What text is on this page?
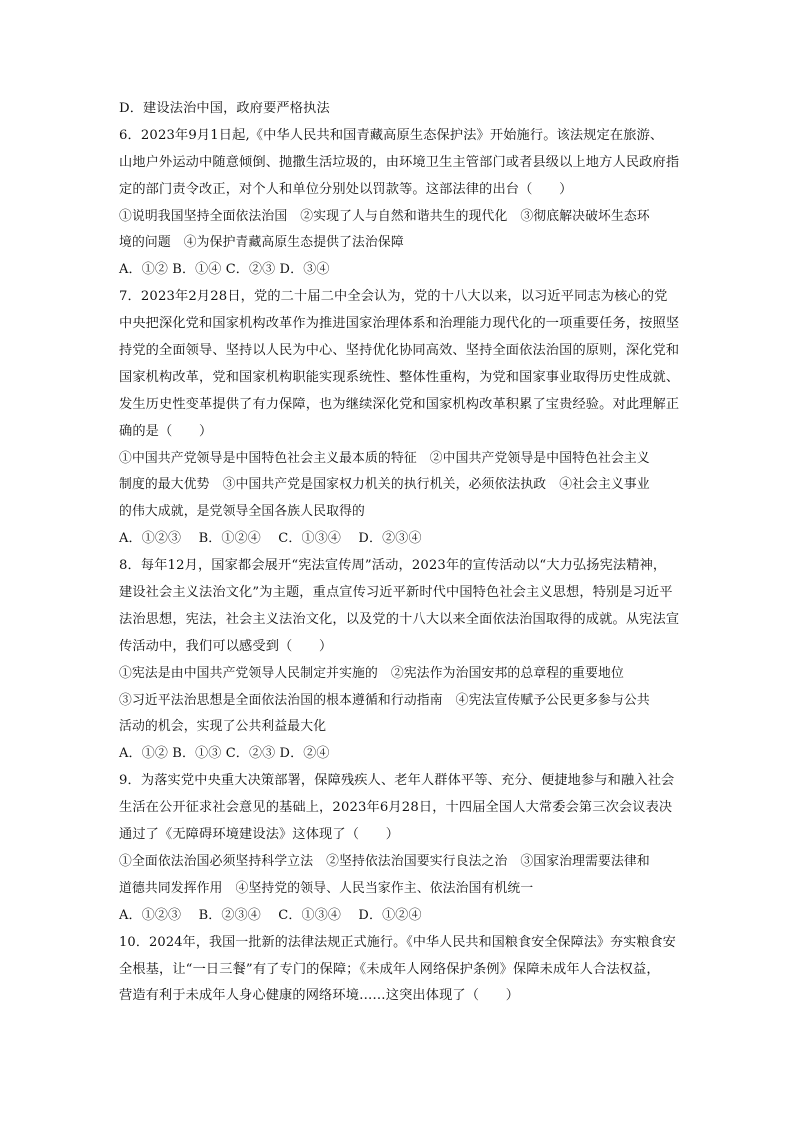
D．建设法治中国，政府要严格执法
6．2023年9月1日起,《中华人民共和国青藏高原生态保护法》开始施行。该法规定在旅游、
山地户外运动中随意倾倒、抛撒生活垃圾的，由环境卫生主管部门或者县级以上地方人民政府指
定的部门责令改正，对个人和单位分别处以罚款等。这部法律的出台（　　）
①说明我国坚持全面依法治国　②实现了人与自然和谐共生的现代化　③彻底解决破坏生态环
境的问题　④为保护青藏高原生态提供了法治保障
A．①② B．①④ C．②③ D．③④
7．2023年2月28日，党的二十届二中全会认为，党的十八大以来，以习近平同志为核心的党
中央把深化党和国家机构改革作为推进国家治理体系和治理能力现代化的一项重要任务，按照坚
持党的全面领导、坚持以人民为中心、坚持优化协同高效、坚持全面依法治国的原则，深化党和
国家机构改革，党和国家机构职能实现系统性、整体性重构，为党和国家事业取得历史性成就、
发生历史性变革提供了有力保障，也为继续深化党和国家机构改革积累了宝贵经验。对此理解正
确的是（　　）
①中国共产党领导是中国特色社会主义最本质的特征　②中国共产党领导是中国特色社会主义
制度的最大优势　③中国共产党是国家权力机关的执行机关，必须依法执政　④社会主义事业
的伟大成就，是党领导全国各族人民取得的
A．①②③　 B．①②④　 C．①③④　 D．②③④
8．每年12月，国家都会展开“宪法宣传周”活动，2023年的宣传活动以“大力弘扬宪法精神，
建设社会主义法治文化”为主题，重点宣传习近平新时代中国特色社会主义思想，特别是习近平
法治思想，宪法，社会主义法治文化，以及党的十八大以来全面依法治国取得的成就。从宪法宣
传活动中，我们可以感受到（　　）
①宪法是由中国共产党领导人民制定并实施的　②宪法作为治国安邦的总章程的重要地位
③习近平法治思想是全面依法治国的根本遵循和行动指南　④宪法宣传赋予公民更多参与公共
活动的机会，实现了公共利益最大化
A．①② B．①③ C．②③ D．②④
9．为落实党中央重大决策部署，保障残疾人、老年人群体平等、充分、便捷地参与和融入社会
生活在公开征求社会意见的基础上，2023年6月28日，十四届全国人大常委会第三次会议表决
通过了《无障碍环境建设法》这体现了（　　）
①全面依法治国必须坚持科学立法　②坚持依法治国要实行良法之治　③国家治理需要法律和
道德共同发挥作用　④坚持党的领导、人民当家作主、依法治国有机统一
A．①②③　 B．②③④　 C．①③④　 D．①②④
10．2024年，我国一批新的法律法规正式施行。《中华人民共和国粮食安全保障法》夯实粮食安
全根基，让“一日三餐”有了专门的保障；《未成年人网络保护条例》保障未成年人合法权益，
营造有利于未成年人身心健康的网络环境……这突出体现了（　　）
